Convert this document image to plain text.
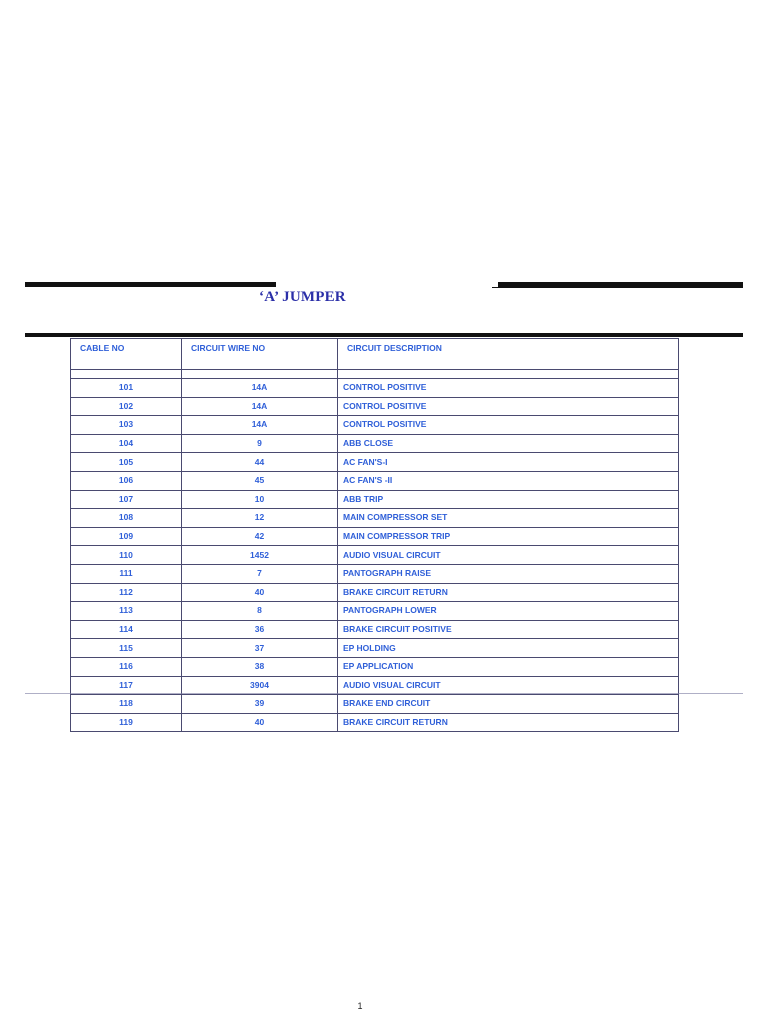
‘A’ JUMPER
CABLE NO	CIRCUIT WIRE NO	CIRCUIT DESCRIPTION

101	14A	CONTROL POSITIVE
102	14A	CONTROL POSITIVE
103	14A	CONTROL POSITIVE
104	9	ABB CLOSE
105	44	AC FAN'S-I
106	45	AC FAN'S -II
107	10	ABB TRIP
108	12	MAIN COMPRESSOR SET
109	42	MAIN COMPRESSOR TRIP
110	1452	AUDIO VISUAL CIRCUIT
111	7	PANTOGRAPH RAISE
112	40	BRAKE CIRCUIT RETURN
113	8	PANTOGRAPH LOWER
114	36	BRAKE CIRCUIT POSITIVE
115	37	EP HOLDING
116	38	EP APPLICATION
117	3904	AUDIO VISUAL CIRCUIT
118	39	BRAKE END CIRCUIT
119	40	BRAKE CIRCUIT RETURN
1
